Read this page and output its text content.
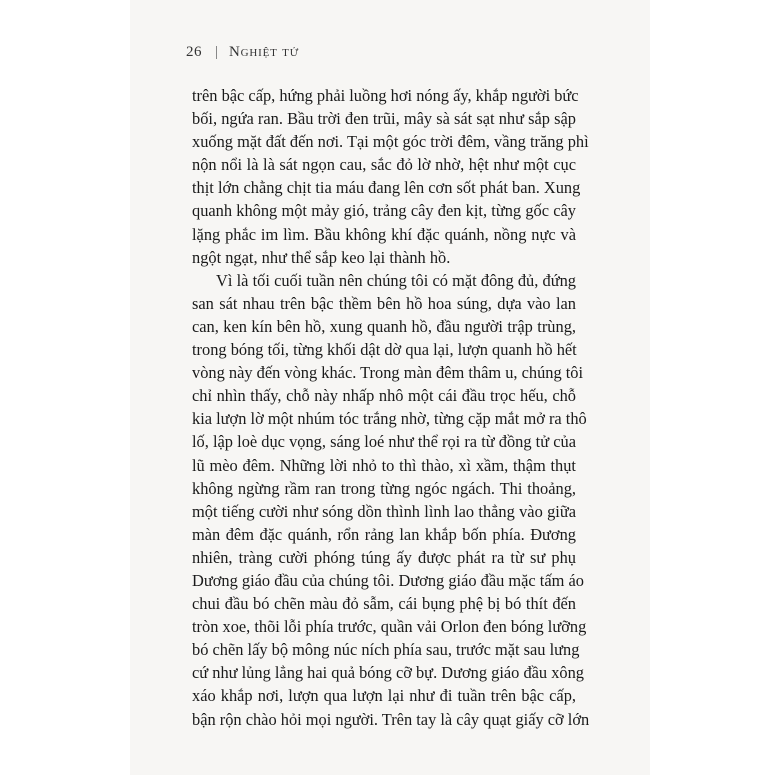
26 Nghiệt tử
trên bậc cấp, hứng phải luồng hơi nóng ấy, khắp người bức
bối, ngứa ran. Bầu trời đen trũi, mây sà sát sạt như sắp sập
xuống mặt đất đến nơi. Tại một góc trời đêm, vầng trăng phì
nộn nổi là là sát ngọn cau, sắc đỏ lờ nhờ, hệt như một cục
thịt lớn chằng chịt tia máu đang lên cơn sốt phát ban. Xung
quanh không một mảy gió, trảng cây đen kịt, từng gốc cây
lặng phắc im lìm. Bầu không khí đặc quánh, nồng nực và
ngột ngạt, như thể sắp keo lại thành hồ.
Vì là tối cuối tuần nên chúng tôi có mặt đông đủ, đứng
san sát nhau trên bậc thềm bên hồ hoa súng, dựa vào lan
can, ken kín bên hồ, xung quanh hồ, đầu người trập trùng,
trong bóng tối, từng khối dật dờ qua lại, lượn quanh hồ hết
vòng này đến vòng khác. Trong màn đêm thâm u, chúng tôi
chỉ nhìn thấy, chỗ này nhấp nhô một cái đầu trọc hếu, chỗ
kia lượn lờ một nhúm tóc trắng nhờ, từng cặp mắt mở ra thô
lố, lập loè dục vọng, sáng loé như thể rọi ra từ đồng tử của
lũ mèo đêm. Những lời nhỏ to thì thào, xì xầm, thậm thụt
không ngừng rầm ran trong từng ngóc ngách. Thi thoảng,
một tiếng cười như sóng dồn thình lình lao thẳng vào giữa
màn đêm đặc quánh, rổn rảng lan khắp bốn phía. Đương
nhiên, tràng cười phóng túng ấy được phát ra từ sư phụ
Dương giáo đầu của chúng tôi. Dương giáo đầu mặc tấm áo
chui đầu bó chẽn màu đỏ sẫm, cái bụng phệ bị bó thít đến
tròn xoe, thõi lỗi phía trước, quần vải Orlon đen bóng lưỡng
bó chẽn lấy bộ mông núc ních phía sau, trước mặt sau lưng
cứ như lủng lẳng hai quả bóng cỡ bự. Dương giáo đầu xông
xáo khắp nơi, lượn qua lượn lại như đi tuần trên bậc cấp,
bận rộn chào hỏi mọi người. Trên tay là cây quạt giấy cỡ lớn
